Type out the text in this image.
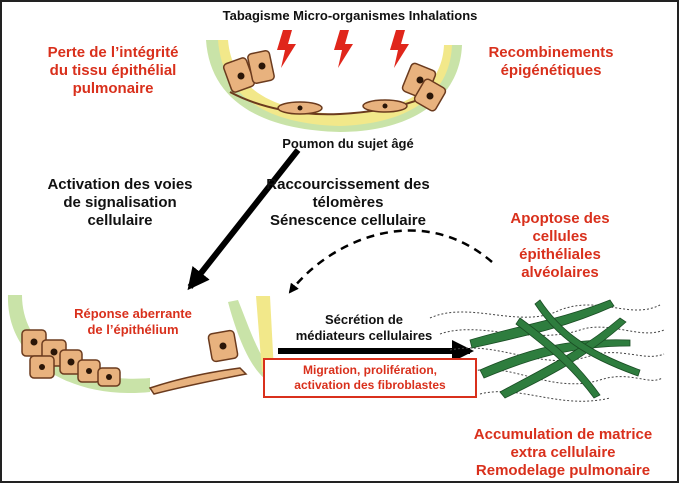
Tabagisme Micro-organismes Inhalations
Perte de l’intégrité
du tissu épithélial
pulmonaire
Recombinements
épigénétiques
Poumon du sujet âgé
Activation des voies
de signalisation
cellulaire
Raccourcissement des
télomères
Sénescence cellulaire	Apoptose des
cellules
épithéliales
alvéolaires
Réponse aberrante
de l’épithélium
Sécrétion de
médiateurs cellulaires
Migration, prolifération,
activation des fibroblastes
Accumulation de matrice
extra cellulaire
Remodelage pulmonaire
